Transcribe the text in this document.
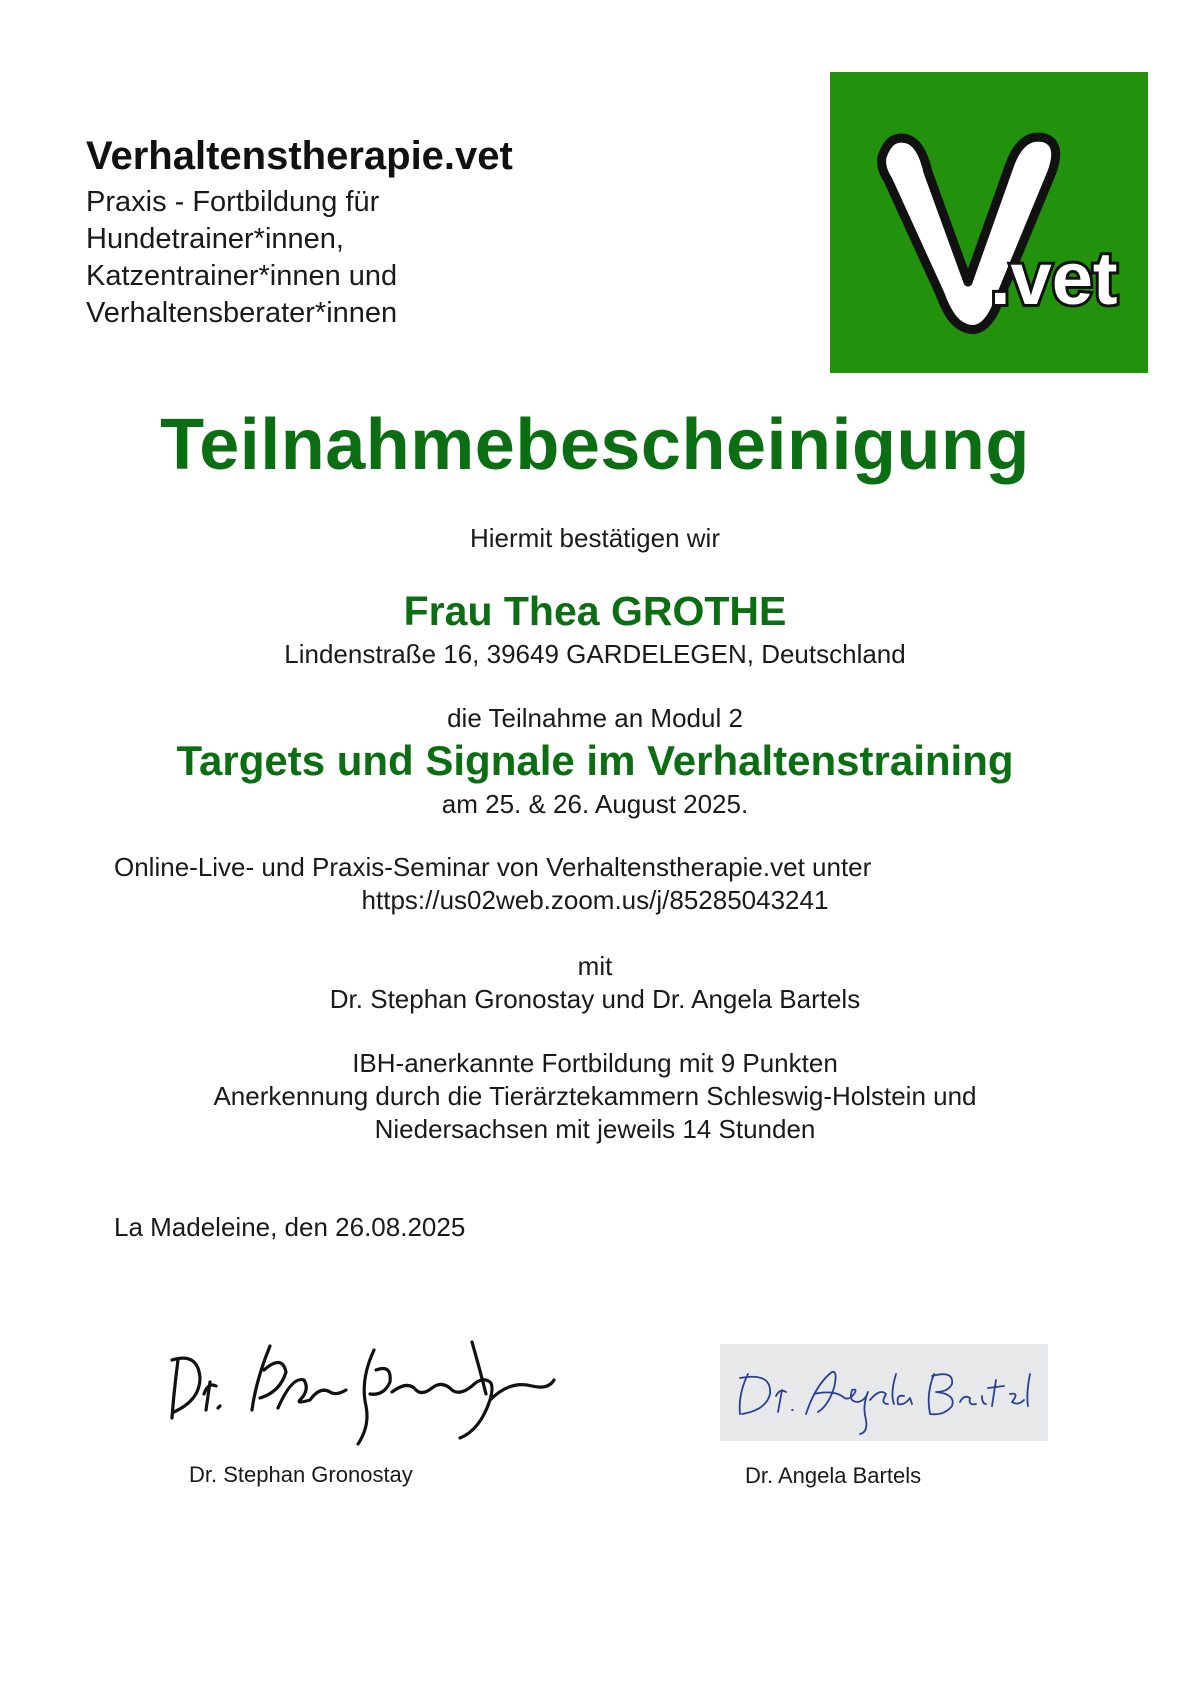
Verhaltenstherapie.vet
Praxis - Fortbildung für
Hundetrainer*innen,
Katzentrainer*innen und
Verhaltensberater*innen	.vet
Teilnahmebescheinigung
Hiermit bestätigen wir
Frau Thea GROTHE
Lindenstraße 16, 39649 GARDELEGEN, Deutschland
die Teilnahme an Modul 2
Targets und Signale im Verhaltenstraining
am 25. & 26. August 2025.
Online-Live- und Praxis-Seminar von Verhaltenstherapie.vet unter
https://us02web.zoom.us/j/85285043241
mit
Dr. Stephan Gronostay und Dr. Angela Bartels
IBH-anerkannte Fortbildung mit 9 Punkten
Anerkennung durch die Tierärztekammern Schleswig-Holstein und
Niedersachsen mit jeweils 14 Stunden
La Madeleine, den 26.08.2025
Dr. Stephan Gronostay	Dr. Angela Bartels
